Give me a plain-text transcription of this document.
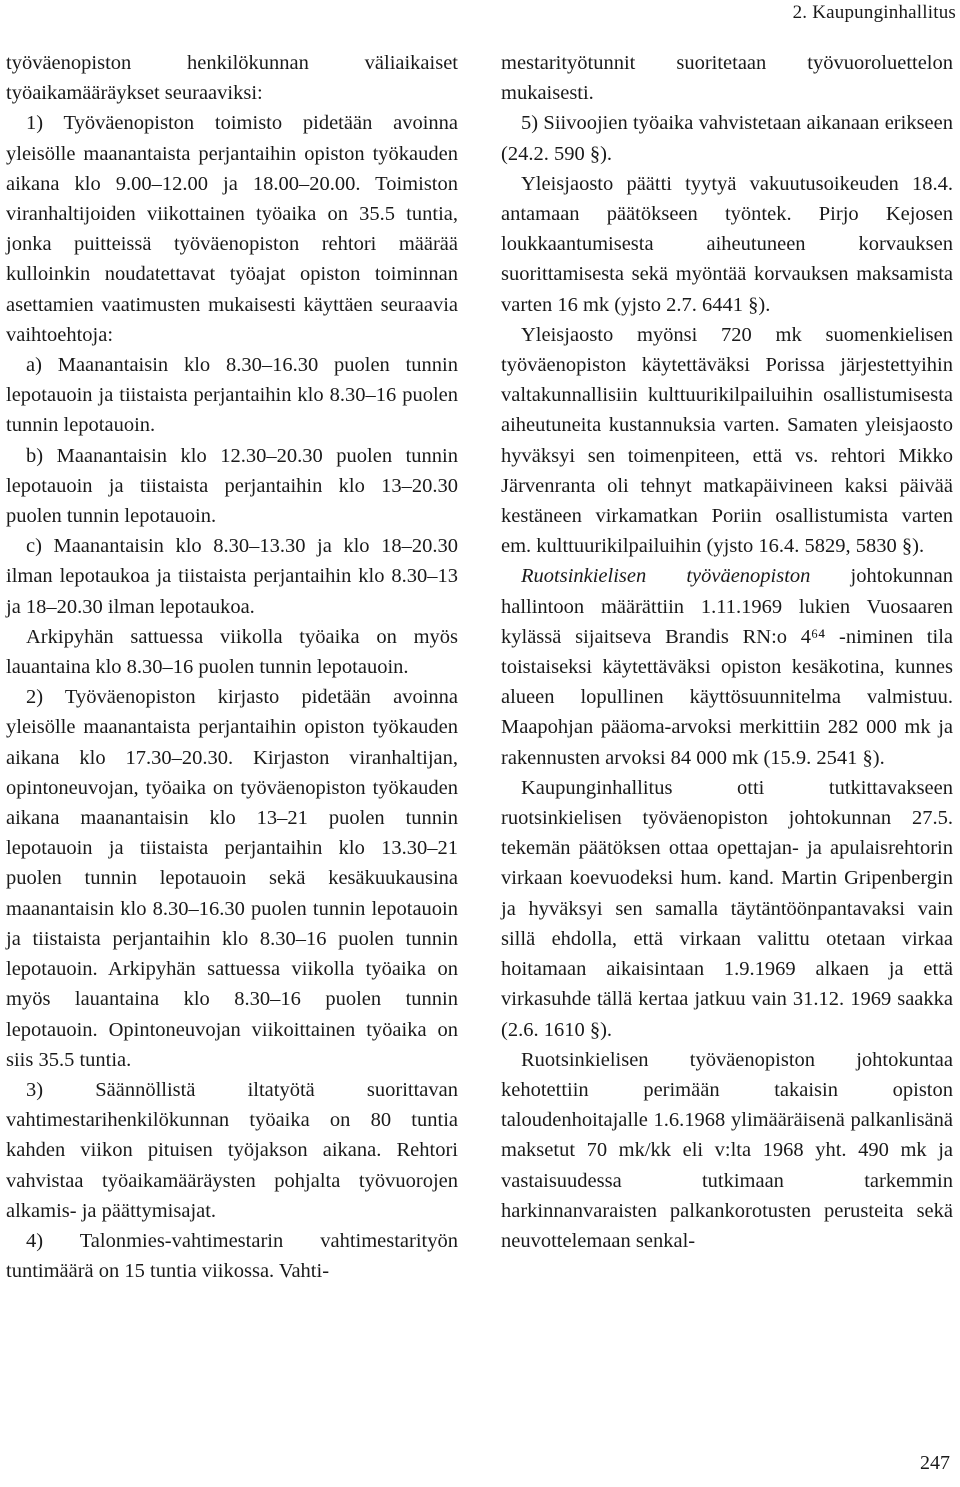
2. Kaupunginhallitus

työväenopiston henkilökunnan väliaikaiset työaikamääräykset seuraaviksi:

1) Työväenopiston toimisto pidetään avoinna yleisölle maanantaista perjantaihin opiston työkauden aikana klo 9.00–12.00 ja 18.00–20.00. Toimiston viranhaltijoiden viikottainen työaika on 35.5 tuntia, jonka puitteissä työväenopiston rehtori määrää kulloinkin noudatettavat työajat opiston toiminnan asettamien vaatimusten mukaisesti käyttäen seuraavia vaihtoehtoja:

a) Maanantaisin klo 8.30–16.30 puolen tunnin lepotauoin ja tiistaista perjantaihin klo 8.30–16 puolen tunnin lepotauoin.

b) Maanantaisin klo 12.30–20.30 puolen tunnin lepotauoin ja tiistaista perjantaihin klo 13–20.30 puolen tunnin lepotauoin.

c) Maanantaisin klo 8.30–13.30 ja klo 18–20.30 ilman lepotaukoa ja tiistaista perjantaihin klo 8.30–13 ja 18–20.30 ilman lepotaukoa.

Arkipyhän sattuessa viikolla työaika on myös lauantaina klo 8.30–16 puolen tunnin lepotauoin.

2) Työväenopiston kirjasto pidetään avoinna yleisölle maanantaista perjantaihin opiston työkauden aikana klo 17.30–20.30. Kirjaston viranhaltijan, opintoneuvojan, työaika on työväenopiston työkauden aikana maanantaisin klo 13–21 puolen tunnin lepotauoin ja tiistaista perjantaihin klo 13.30–21 puolen tunnin lepotauoin sekä kesäkuukausina maanantaisin klo 8.30–16.30 puolen tunnin lepotauoin ja tiistaista perjantaihin klo 8.30–16 puolen tunnin lepotauoin. Arkipyhän sattuessa viikolla työaika on myös lauantaina klo 8.30–16 puolen tunnin lepotauoin. Opintoneuvojan viikoittainen työaika on siis 35.5 tuntia.

3) Säännöllistä iltatyötä suorittavan vahtimestarihenkilökunnan työaika on 80 tuntia kahden viikon pituisen työjakson aikana. Rehtori vahvistaa työaikamääräysten pohjalta työvuorojen alkamis- ja päättymisajat.

4) Talonmies-vahtimestarin vahtimestarityön tuntimäärä on 15 tuntia viikossa. Vahti-

mestarityötunnit suoritetaan työvuoroluettelon mukaisesti.

5) Siivoojien työaika vahvistetaan aikanaan erikseen (24.2. 590 §).

Yleisjaosto päätti tyytyä vakuutusoikeuden 18.4. antamaan päätökseen työntek. Pirjo Kejosen loukkaantumisesta aiheutuneen korvauksen suorittamisesta sekä myöntää korvauksen maksamista varten 16 mk (yjsto 2.7. 6441 §).

Yleisjaosto myönsi 720 mk suomenkielisen työväenopiston käytettäväksi Porissa järjestettyihin valtakunnallisiin kulttuurikilpailuihin osallistumisesta aiheutuneita kustannuksia varten. Samaten yleisjaosto hyväksyi sen toimenpiteen, että vs. rehtori Mikko Järvenranta oli tehnyt matkapäivineen kaksi päivää kestäneen virkamatkan Poriin osallistumista varten em. kulttuurikilpailuihin (yjsto 16.4. 5829, 5830 §).

Ruotsinkielisen työväenopiston johtokunnan hallintoon määrättiin 1.11.1969 lukien Vuosaaren kylässä sijaitseva Brandis RN:o 4⁶⁴ -niminen tila toistaiseksi käytettäväksi opiston kesäkotina, kunnes alueen lopullinen käyttösuunnitelma valmistuu. Maapohjan pääoma-arvoksi merkittiin 282 000 mk ja rakennusten arvoksi 84 000 mk (15.9. 2541 §).

Kaupunginhallitus otti tutkittavakseen ruotsinkielisen työväenopiston johtokunnan 27.5. tekemän päätöksen ottaa opettajan- ja apulaisrehtorin virkaan koevuodeksi hum. kand. Martin Gripenbergin ja hyväksyi sen samalla täytäntöönpantavaksi vain sillä ehdolla, että virkaan valittu otetaan virkaa hoitamaan aikaisintaan 1.9.1969 alkaen ja että virkasuhde tällä kertaa jatkuu vain 31.12. 1969 saakka (2.6. 1610 §).

Ruotsinkielisen työväenopiston johtokuntaa kehotettiin perimään takaisin opiston taloudenhoitajalle 1.6.1968 ylimääräisenä palkanlisänä maksetut 70 mk/kk eli v:lta 1968 yht. 490 mk ja vastaisuudessa tutkimaan tarkemmin harkinnanvaraisten palkankorotusten perusteita sekä neuvottelemaan senkal-

247
